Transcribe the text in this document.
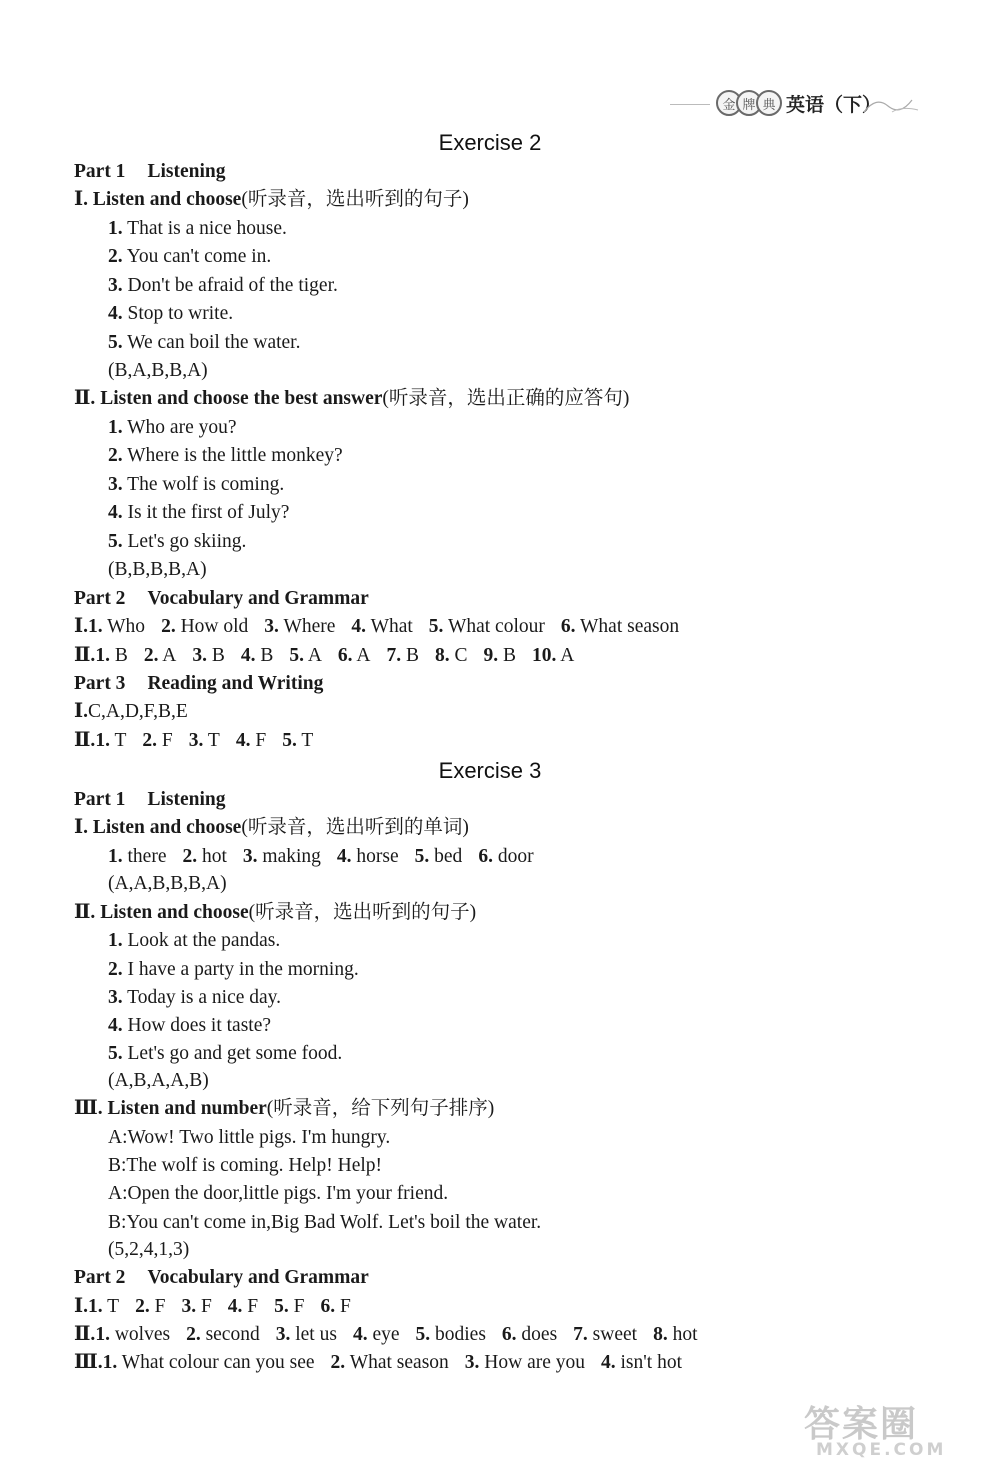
金 牌 典 英语（下）
Exercise 2
Part 1 Listening
Ⅰ. Listen and choose(听录音，选出听到的句子)
1. That is a nice house.
2. You can't come in.
3. Don't be afraid of the tiger.
4. Stop to write.
5. We can boil the water.
(B,A,B,B,A)
Ⅱ. Listen and choose the best answer(听录音，选出正确的应答句)
1. Who are you?
2. Where is the little monkey?
3. The wolf is coming.
4. Is it the first of July?
5. Let's go skiing.
(B,B,B,B,A)
Part 2 Vocabulary and Grammar
Ⅰ.1. Who 2. How old 3. Where 4. What 5. What colour 6. What season
Ⅱ.1. B 2. A 3. B 4. B 5. A 6. A 7. B 8. C 9. B 10. A
Part 3 Reading and Writing
Ⅰ.C,A,D,F,B,E
Ⅱ.1. T 2. F 3. T 4. F 5. T
Exercise 3
Part 1 Listening
Ⅰ. Listen and choose(听录音，选出听到的单词)
1. there 2. hot 3. making 4. horse 5. bed 6. door
(A,A,B,B,B,A)
Ⅱ. Listen and choose(听录音，选出听到的句子)
1. Look at the pandas.
2. I have a party in the morning.
3. Today is a nice day.
4. How does it taste?
5. Let's go and get some food.
(A,B,A,A,B)
Ⅲ. Listen and number(听录音，给下列句子排序)
A:Wow! Two little pigs. I'm hungry.
B:The wolf is coming. Help! Help!
A:Open the door,little pigs. I'm your friend.
B:You can't come in,Big Bad Wolf. Let's boil the water.
(5,2,4,1,3)
Part 2 Vocabulary and Grammar
Ⅰ.1. T 2. F 3. F 4. F 5. F 6. F
Ⅱ.1. wolves 2. second 3. let us 4. eye 5. bodies 6. does 7. sweet 8. hot
Ⅲ.1. What colour can you see 2. What season 3. How are you 4. isn't hot
答案圈
MXQE.COM
